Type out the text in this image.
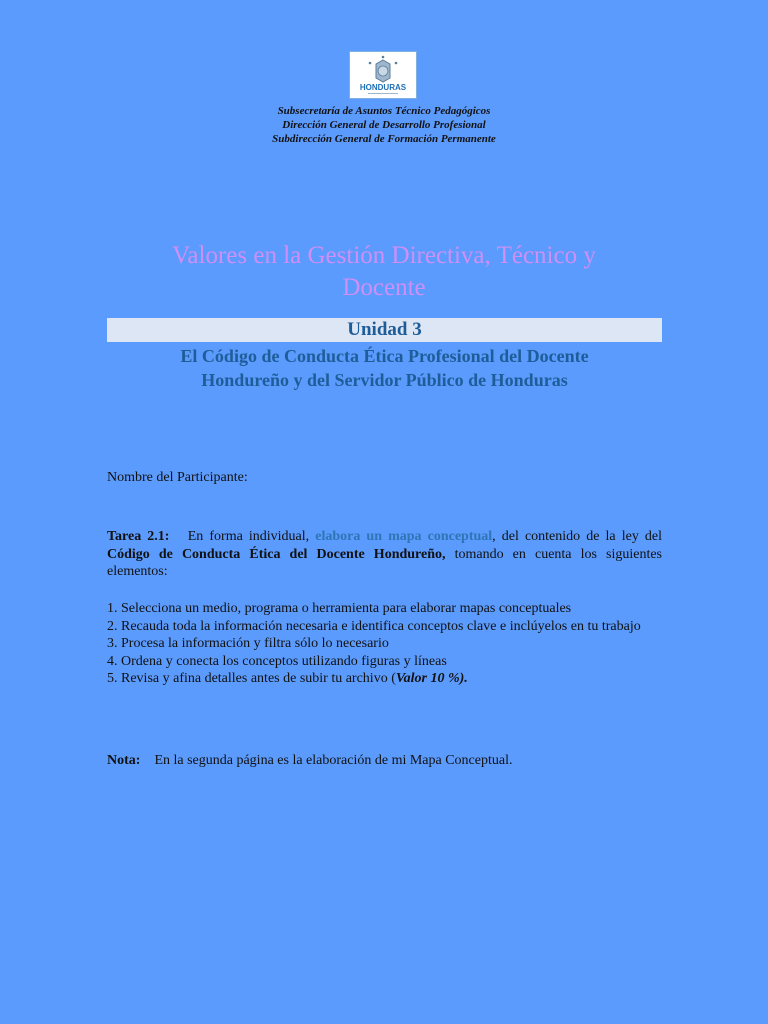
HONDURAS
Subsecretaría de Asuntos Técnico Pedagógicos
Dirección General de Desarrollo Profesional
Subdirección General de Formación Permanente
Valores en la Gestión Directiva, Técnico y
Docente
Unidad 3
El Código de Conducta Ética Profesional del Docente
Hondureño y del Servidor Público de Honduras
Nombre del Participante:
Tarea 2.1: En forma individual, elabora un mapa conceptual, del contenido de la ley del Código de Conducta Ética del Docente Hondureño, tomando en cuenta los siguientes elementos:
1. Selecciona un medio, programa o herramienta para elaborar mapas conceptuales
2. Recauda toda la información necesaria e identifica conceptos clave e inclúyelos en tu trabajo
3. Procesa la información y filtra sólo lo necesario
4. Ordena y conecta los conceptos utilizando figuras y líneas
5. Revisa y afina detalles antes de subir tu archivo (Valor 10 %).
Nota: En la segunda página es la elaboración de mi Mapa Conceptual.
